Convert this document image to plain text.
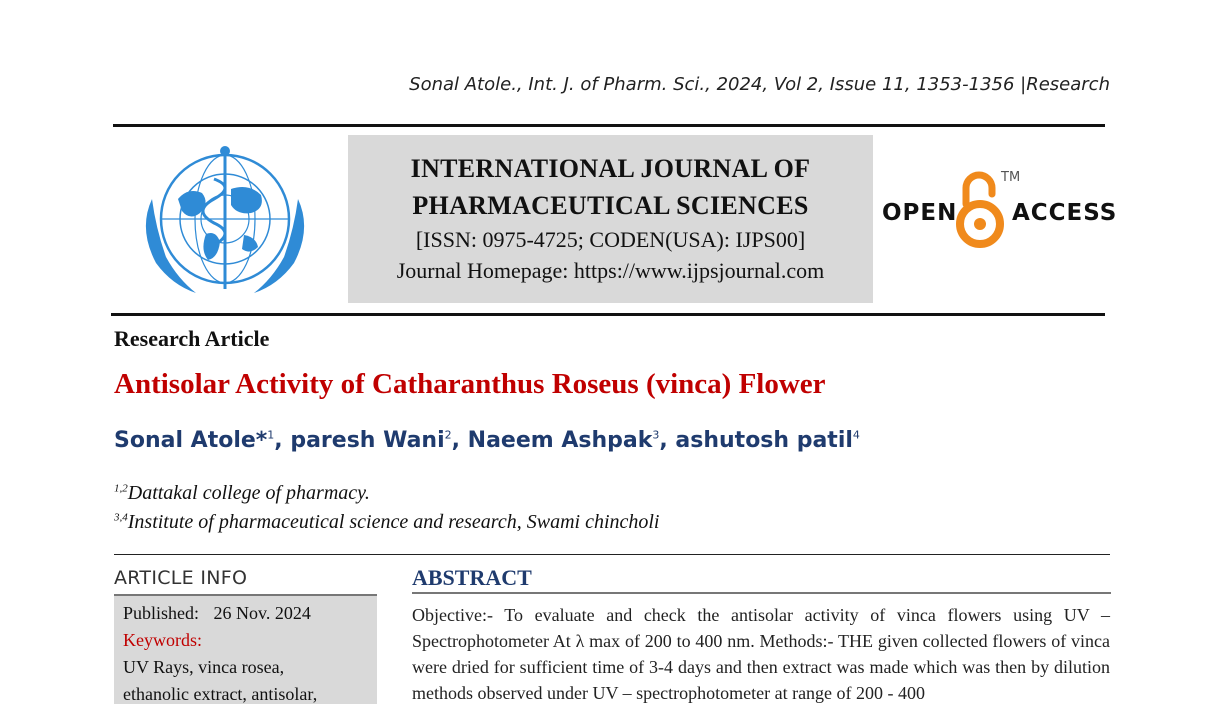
Sonal Atole., Int. J. of Pharm. Sci., 2024, Vol 2, Issue 11, 1353-1356 |Research
INTERNATIONAL JOURNAL OF
PHARMACEUTICAL SCIENCES
[ISSN: 0975-4725; CODEN(USA): IJPS00]
Journal Homepage: https://www.ijpsjournal.com
OPEN
TM
ACCESS
Research Article
Antisolar Activity of Catharanthus Roseus (vinca) Flower
Sonal Atole*$^1$, paresh Wani$^2$, Naeem Ashpak$^3$, ashutosh patil$^4$
$^{1,2}$Dattakal college of pharmacy.
$^{3,4}$Institute of pharmaceutical science and research, Swami chincholi
ARTICLE INFO
Published: 26 Nov. 2024
Keywords:
UV Rays, vinca rosea,
ethanolic extract, antisolar,
ABSTRACT
Objective:- To evaluate and check the antisolar activity of vinca flowers using UV – Spectrophotometer At λ max of 200 to 400 nm. Methods:- THE given collected flowers of vinca were dried for sufficient time of 3-4 days and then extract was made which was then by dilution methods observed under UV – spectrophotometer at range of 200 - 400
